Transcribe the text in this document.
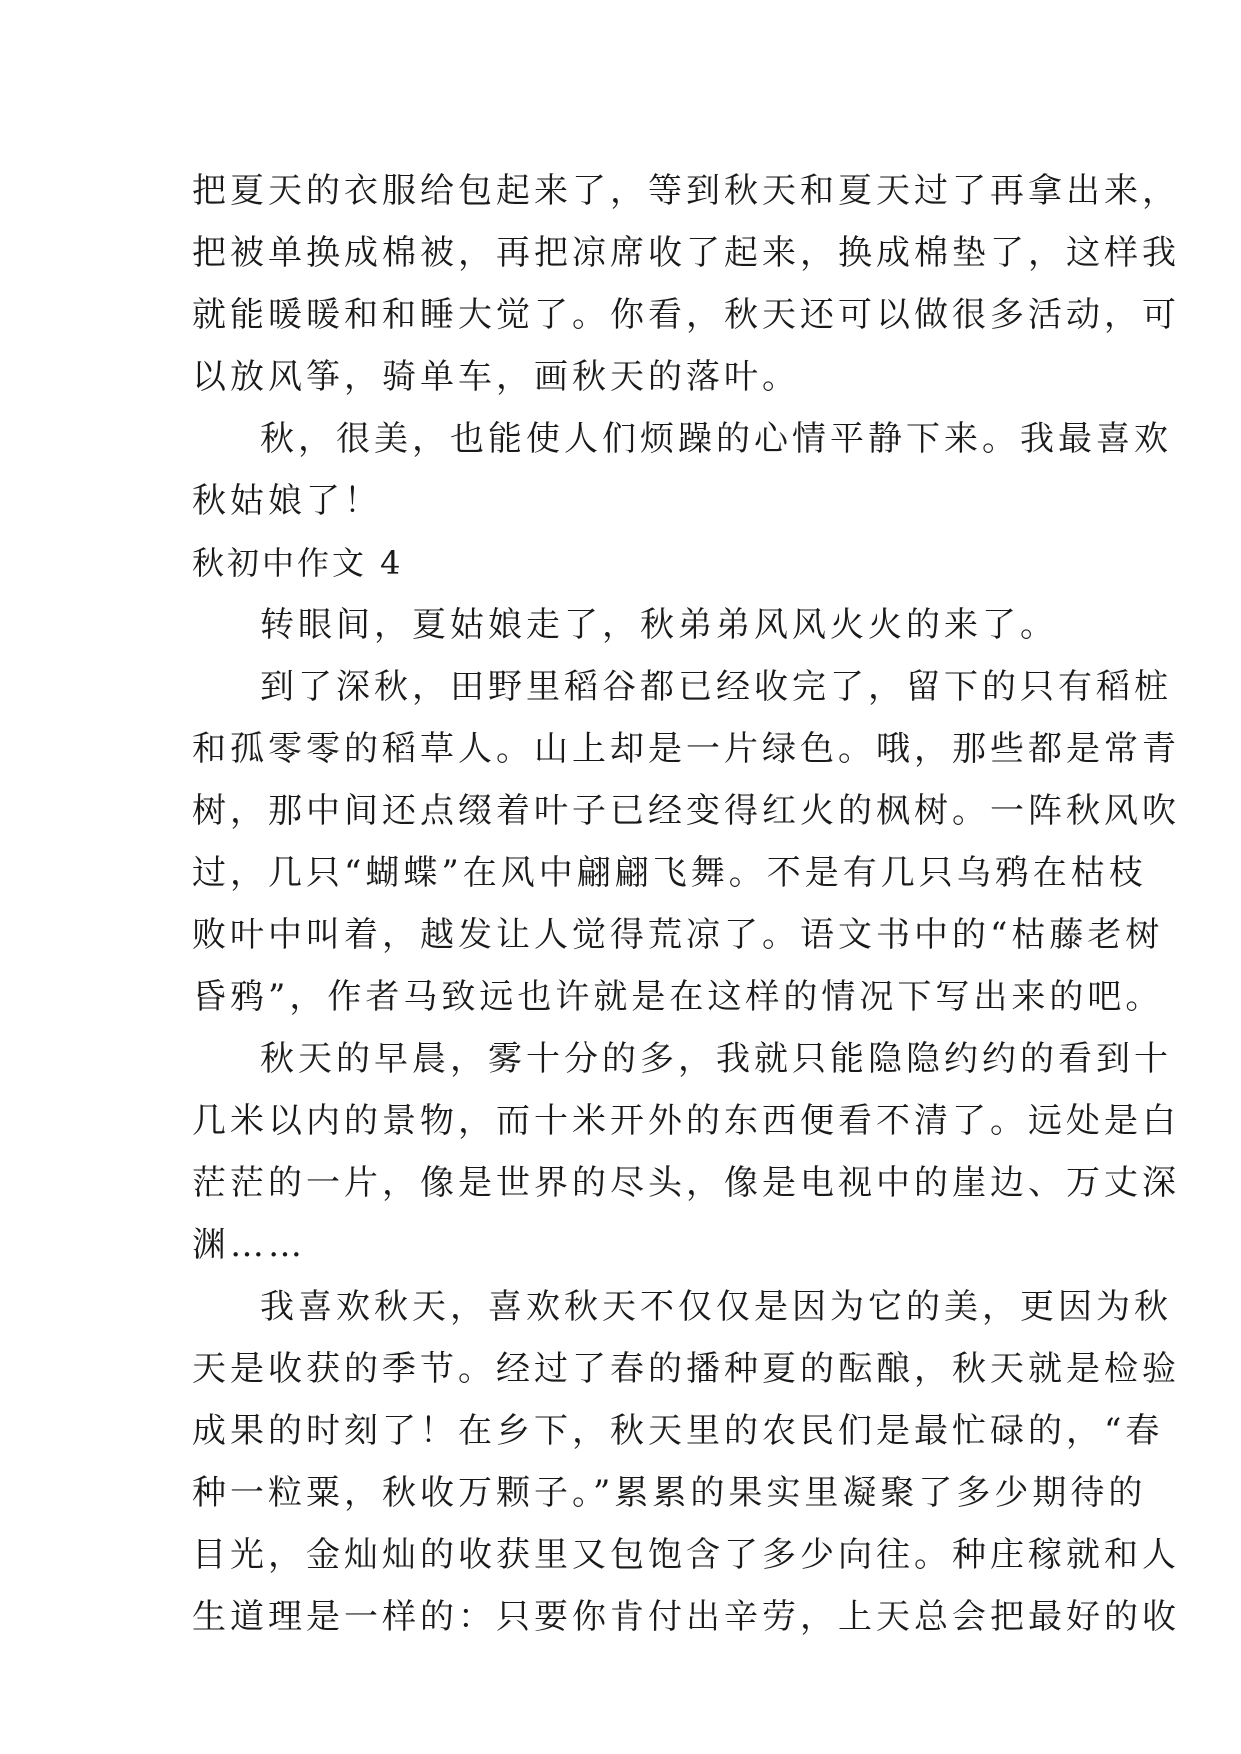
把夏天的衣服给包起来了，等到秋天和夏天过了再拿出来，
把被单换成棉被，再把凉席收了起来，换成棉垫了，这样我
就能暖暖和和睡大觉了。你看，秋天还可以做很多活动，可
以放风筝，骑单车，画秋天的落叶。
秋，很美，也能使人们烦躁的心情平静下来。我最喜欢
秋姑娘了！
秋初中作文 4
转眼间，夏姑娘走了，秋弟弟风风火火的来了。
到了深秋，田野里稻谷都已经收完了，留下的只有稻桩
和孤零零的稻草人。山上却是一片绿色。哦，那些都是常青
树，那中间还点缀着叶子已经变得红火的枫树。一阵秋风吹
过，几只“蝴蝶”在风中翩翩飞舞。不是有几只乌鸦在枯枝
败叶中叫着，越发让人觉得荒凉了。语文书中的“枯藤老树
昏鸦”，作者马致远也许就是在这样的情况下写出来的吧。
秋天的早晨，雾十分的多，我就只能隐隐约约的看到十
几米以内的景物，而十米开外的东西便看不清了。远处是白
茫茫的一片，像是世界的尽头，像是电视中的崖边、万丈深
渊……
我喜欢秋天，喜欢秋天不仅仅是因为它的美，更因为秋
天是收获的季节。经过了春的播种夏的酝酿，秋天就是检验
成果的时刻了！在乡下，秋天里的农民们是最忙碌的，“春
种一粒粟，秋收万颗子。”累累的果实里凝聚了多少期待的
目光，金灿灿的收获里又包饱含了多少向往。种庄稼就和人
生道理是一样的：只要你肯付出辛劳，上天总会把最好的收
